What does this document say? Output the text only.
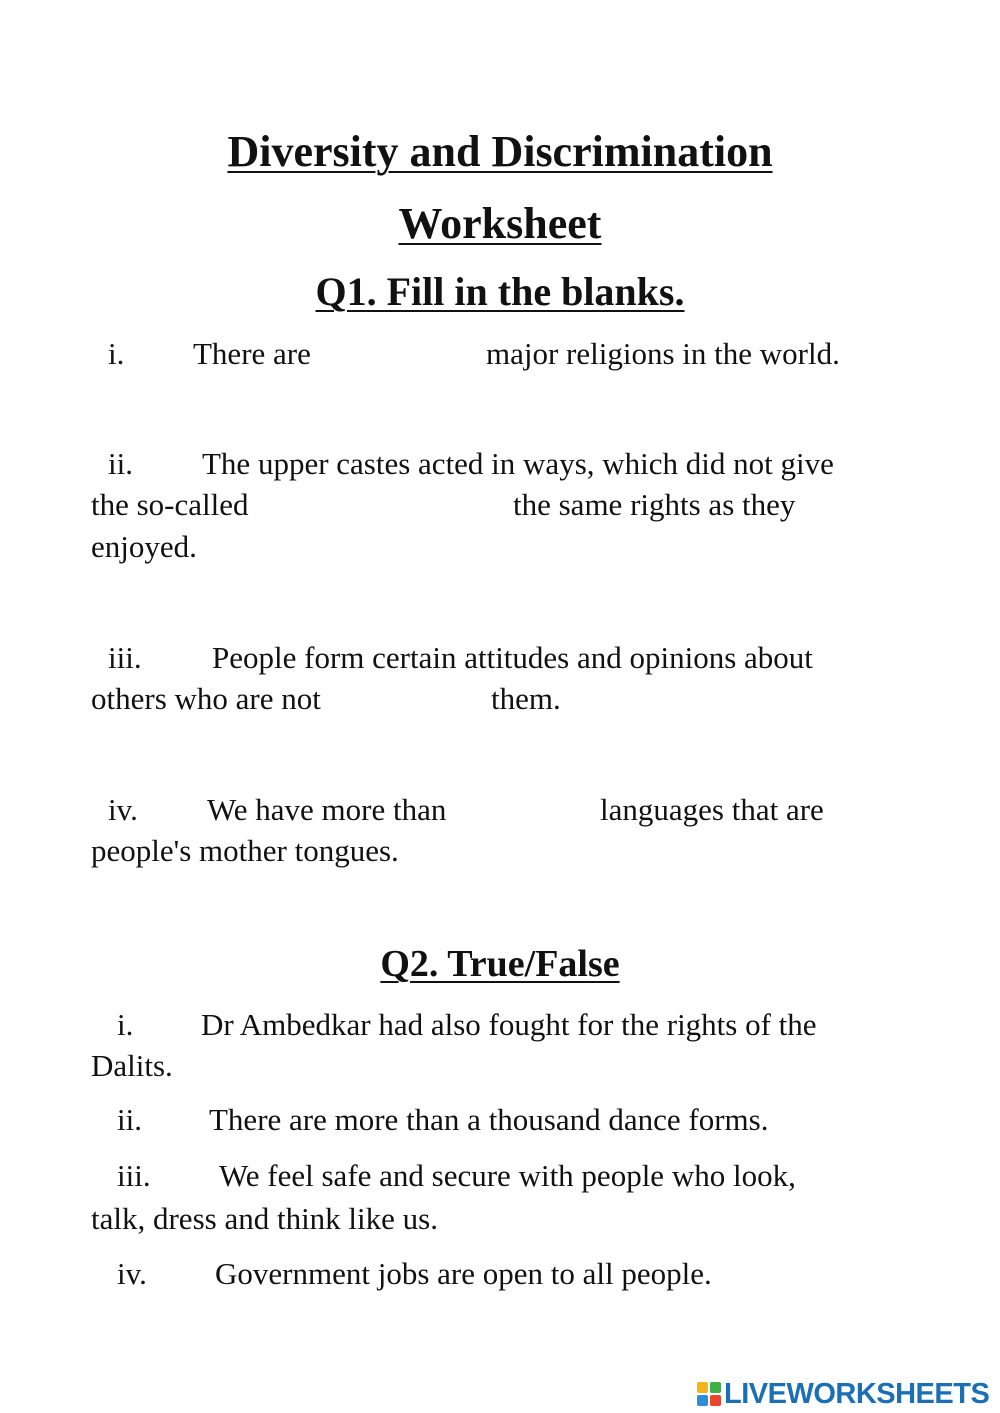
Diversity and Discrimination
Worksheet
Q1. Fill in the blanks.
i. There are	major religions in the world.
ii. The upper castes acted in ways, which did not give
the so-called	the same rights as they
enjoyed.
iii. People form certain attitudes and opinions about
others who are not	them.
iv. We have more than	languages that are
people's mother tongues.
Q2. True/False
i. Dr Ambedkar had also fought for the rights of the
Dalits.
ii. There are more than a thousand dance forms.
iii. We feel safe and secure with people who look,
talk, dress and think like us.
iv. Government jobs are open to all people.
LIVEWORKSHEETS
